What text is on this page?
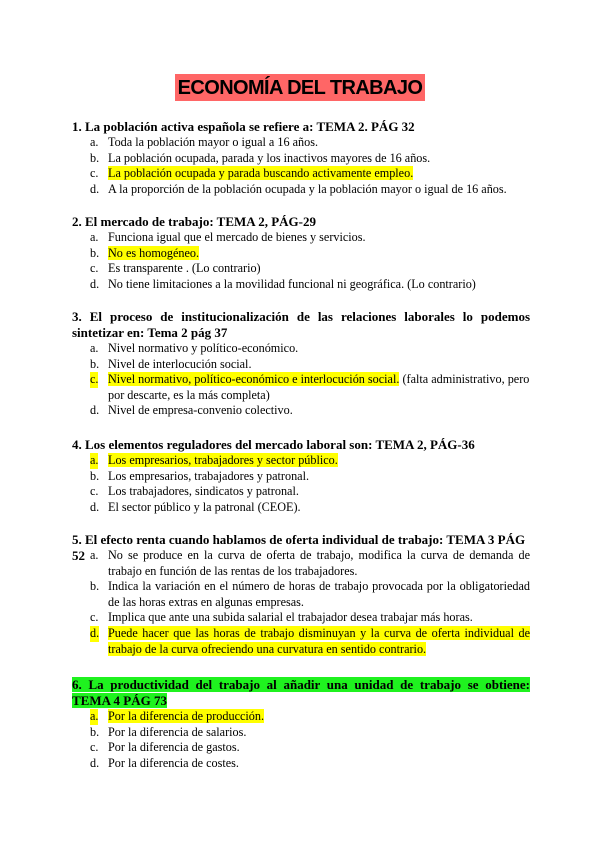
ECONOMÍA DEL TRABAJO
1. La población activa española se refiere a: TEMA 2. PÁG 32
a. Toda la población mayor o igual a 16 años.
b. La población ocupada, parada y los inactivos mayores de 16 años.
c. La población ocupada y parada buscando activamente empleo.
d. A la proporción de la población ocupada y la población mayor o igual de 16 años.
2. El mercado de trabajo: TEMA 2, PÁG-29
a. Funciona igual que el mercado de bienes y servicios.
b. No es homogéneo.
c. Es transparente . (Lo contrario)
d. No tiene limitaciones a la movilidad funcional ni geográfica. (Lo contrario)
3. El proceso de institucionalización de las relaciones laborales lo podemos sintetizar en: Tema 2 pág 37
a. Nivel normativo y político-económico.
b. Nivel de interlocución social.
c. Nivel normativo, político-económico e interlocución social. (falta administrativo, pero por descarte, es la más completa)
d. Nivel de empresa-convenio colectivo.
4. Los elementos reguladores del mercado laboral son: TEMA 2, PÁG-36
a. Los empresarios, trabajadores y sector público.
b. Los empresarios, trabajadores y patronal.
c. Los trabajadores, sindicatos y patronal.
d. El sector público y la patronal (CEOE).
5. El efecto renta cuando hablamos de oferta individual de trabajo: TEMA 3 PÁG 52 a. No se produce en la curva de oferta de trabajo, modifica la curva de demanda de trabajo en función de las rentas de los trabajadores.
b. Indica la variación en el número de horas de trabajo provocada por la obligatoriedad de las horas extras en algunas empresas.
c. Implica que ante una subida salarial el trabajador desea trabajar más horas.
d. Puede hacer que las horas de trabajo disminuyan y la curva de oferta individual de trabajo de la curva ofreciendo una curvatura en sentido contrario.
6. La productividad del trabajo al añadir una unidad de trabajo se obtiene: TEMA 4 PÁG 73
a. Por la diferencia de producción.
b. Por la diferencia de salarios.
c. Por la diferencia de gastos.
d. Por la diferencia de costes.
